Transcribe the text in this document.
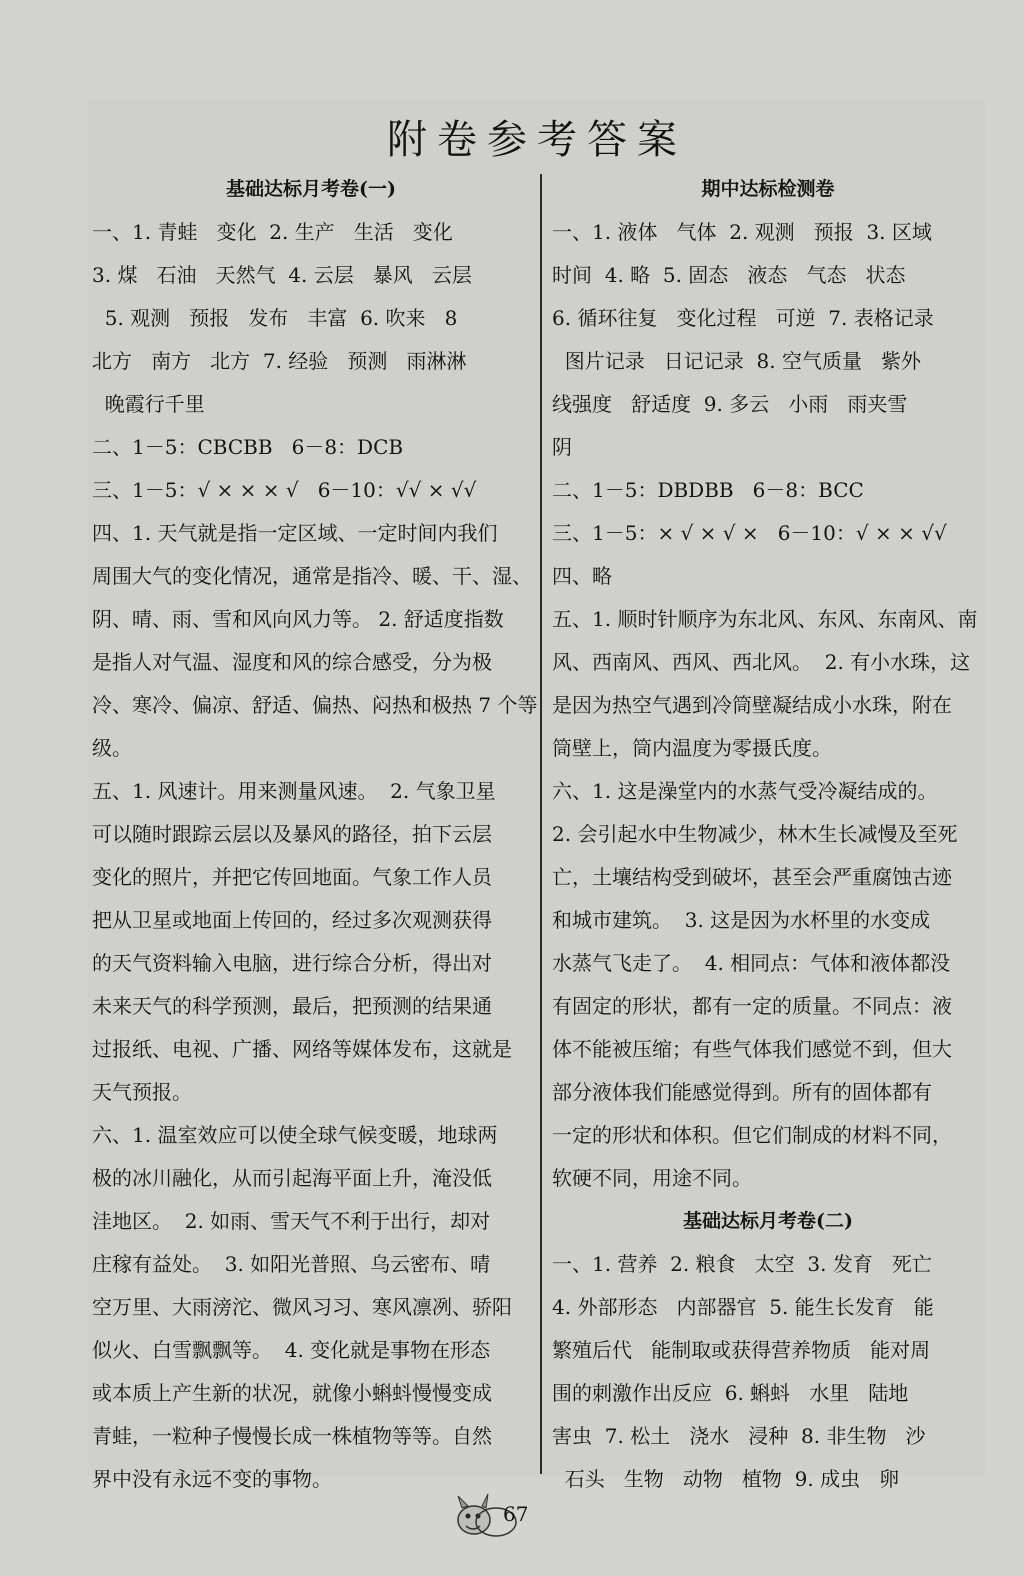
附卷参考答案
基础达标月考卷(一)
一、1. 青蛙   变化  2. 生产   生活   变化
3. 煤   石油   天然气  4. 云层   暴风   云层
5. 观测   预报   发布   丰富  6. 吹来   8
北方   南方   北方  7. 经验   预测   雨淋淋
晚霞行千里
二、1－5：CBCBB   6－8：DCB
三、1－5：√ × × × √   6－10：√√ × √√
四、1. 天气就是指一定区域、一定时间内我们
周围大气的变化情况，通常是指冷、暖、干、湿、
阴、晴、雨、雪和风向风力等。 2. 舒适度指数
是指人对气温、湿度和风的综合感受，分为极
冷、寒冷、偏凉、舒适、偏热、闷热和极热 7 个等
级。
五、1. 风速计。用来测量风速。  2. 气象卫星
可以随时跟踪云层以及暴风的路径，拍下云层
变化的照片，并把它传回地面。气象工作人员
把从卫星或地面上传回的，经过多次观测获得
的天气资料输入电脑，进行综合分析，得出对
未来天气的科学预测，最后，把预测的结果通
过报纸、电视、广播、网络等媒体发布，这就是
天气预报。
六、1. 温室效应可以使全球气候变暖，地球两
极的冰川融化，从而引起海平面上升，淹没低
洼地区。  2. 如雨、雪天气不利于出行，却对
庄稼有益处。  3. 如阳光普照、乌云密布、晴
空万里、大雨滂沱、微风习习、寒风凛冽、骄阳
似火、白雪飘飘等。  4. 变化就是事物在形态
或本质上产生新的状况，就像小蝌蚪慢慢变成
青蛙，一粒种子慢慢长成一株植物等等。自然
界中没有永远不变的事物。
期中达标检测卷
一、1. 液体   气体  2. 观测   预报  3. 区域
时间  4. 略  5. 固态   液态   气态   状态
6. 循环往复   变化过程   可逆  7. 表格记录
图片记录   日记记录  8. 空气质量   紫外
线强度   舒适度  9. 多云   小雨   雨夹雪
阴
二、1－5：DBDBB   6－8：BCC
三、1－5：× √ × √ ×   6－10：√ × × √√
四、略
五、1. 顺时针顺序为东北风、东风、东南风、南
风、西南风、西风、西北风。  2. 有小水珠，这
是因为热空气遇到冷筒壁凝结成小水珠，附在
筒壁上，筒内温度为零摄氏度。
六、1. 这是澡堂内的水蒸气受冷凝结成的。
2. 会引起水中生物减少，林木生长减慢及至死
亡，土壤结构受到破坏，甚至会严重腐蚀古迹
和城市建筑。  3. 这是因为水杯里的水变成
水蒸气飞走了。  4. 相同点：气体和液体都没
有固定的形状，都有一定的质量。不同点：液
体不能被压缩；有些气体我们感觉不到，但大
部分液体我们能感觉得到。所有的固体都有
一定的形状和体积。但它们制成的材料不同，
软硬不同，用途不同。
基础达标月考卷(二)
一、1. 营养  2. 粮食   太空  3. 发育   死亡
4. 外部形态   内部器官  5. 能生长发育   能
繁殖后代   能制取或获得营养物质   能对周
围的刺激作出反应  6. 蝌蚪   水里   陆地
害虫  7. 松土   浇水   浸种  8. 非生物   沙
石头   生物   动物   植物  9. 成虫   卵
67
